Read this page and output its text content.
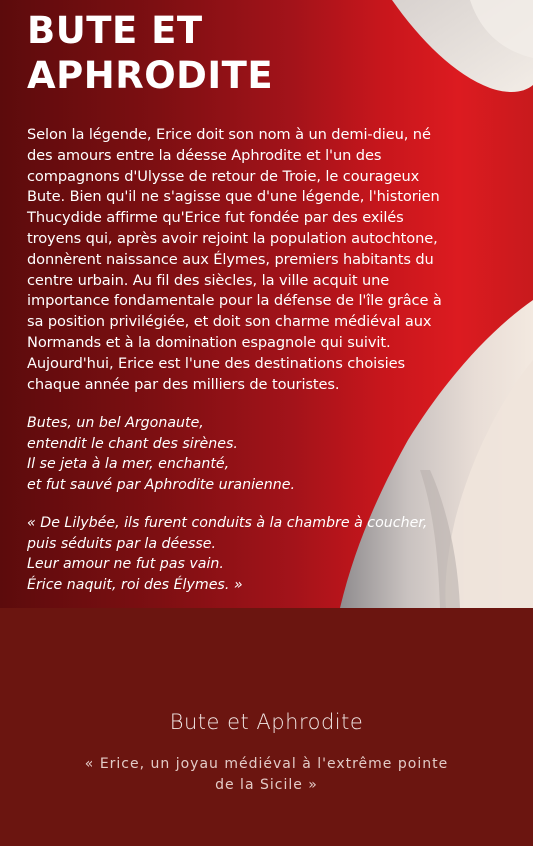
BUTE ET
APHRODITE

Selon la légende, Erice doit son nom à un demi-dieu, né des amours entre la déesse Aphrodite et l'un des compagnons d'Ulysse de retour de Troie, le courageux Bute. Bien qu'il ne s'agisse que d'une légende, l'historien Thucydide affirme qu'Erice fut fondée par des exilés troyens qui, après avoir rejoint la population autochtone, donnèrent naissance aux Élymes, premiers habitants du centre urbain. Au fil des siècles, la ville acquit une importance fondamentale pour la défense de l'île grâce à sa position privilégiée, et doit son charme médiéval aux Normands et à la domination espagnole qui suivit. Aujourd'hui, Erice est l'une des destinations choisies chaque année par des milliers de touristes.

Butes, un bel Argonaute,
entendit le chant des sirènes.
Il se jeta à la mer, enchanté,
et fut sauvé par Aphrodite uranienne.

« De Lilybée, ils furent conduits à la chambre à coucher,
puis séduits par la déesse.
Leur amour ne fut pas vain.
Érice naquit, roi des Élymes. »

Bute et Aphrodite
« Erice, un joyau médiéval à l'extrême pointe de la Sicile »
